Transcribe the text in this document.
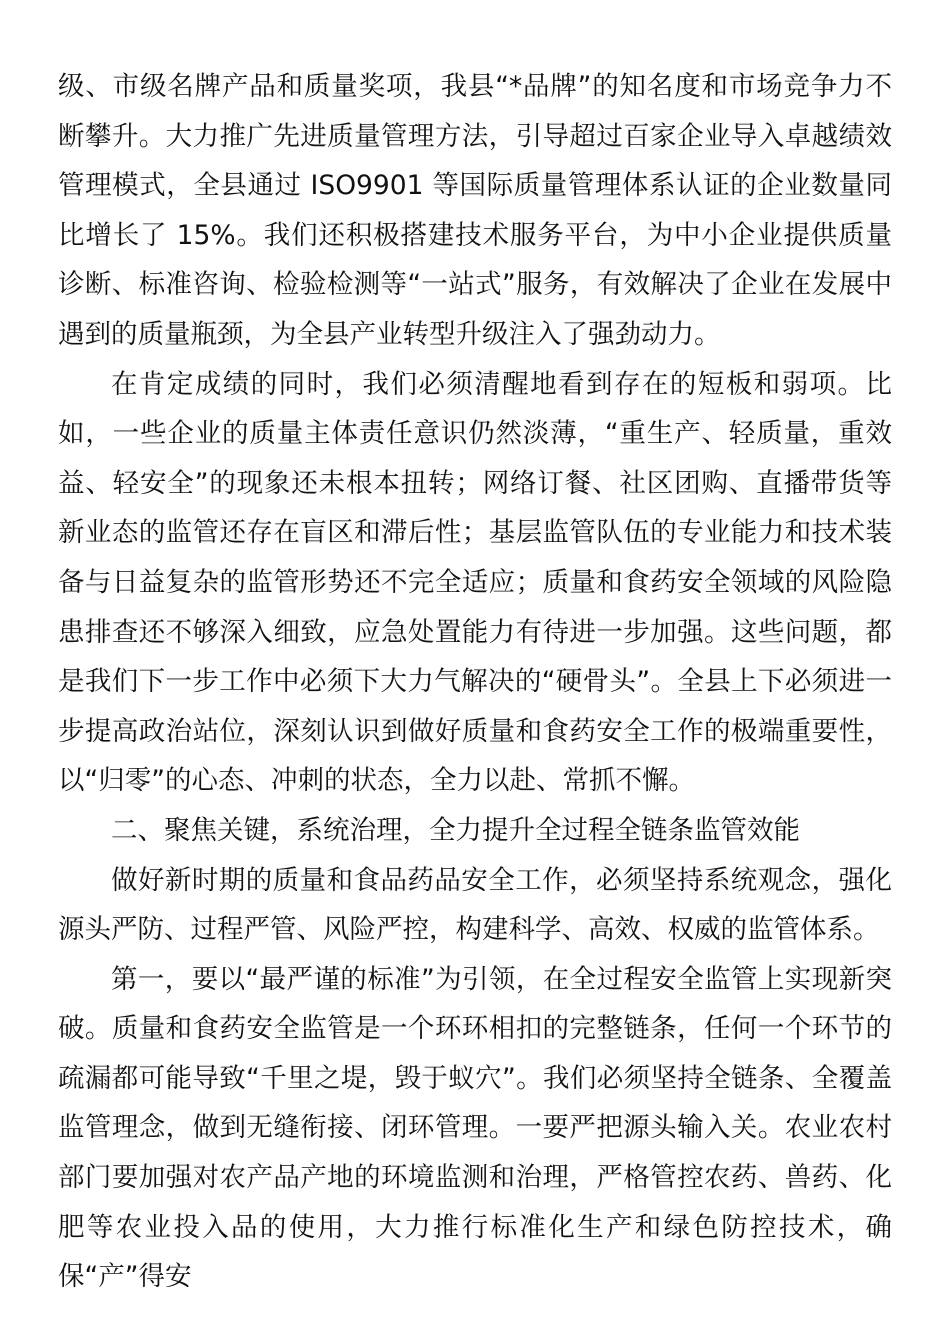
级、市级名牌产品和质量奖项，我县“*品牌”的知名度和市场竞争力不断攀升。大力推广先进质量管理方法，引导超过百家企业导入卓越绩效管理模式，全县通过 ISO9901 等国际质量管理体系认证的企业数量同比增长了 15%。我们还积极搭建技术服务平台，为中小企业提供质量诊断、标准咨询、检验检测等“一站式”服务，有效解决了企业在发展中遇到的质量瓶颈，为全县产业转型升级注入了强劲动力。

在肯定成绩的同时，我们必须清醒地看到存在的短板和弱项。比如，一些企业的质量主体责任意识仍然淡薄，“重生产、轻质量，重效益、轻安全”的现象还未根本扭转；网络订餐、社区团购、直播带货等新业态的监管还存在盲区和滞后性；基层监管队伍的专业能力和技术装备与日益复杂的监管形势还不完全适应；质量和食药安全领域的风险隐患排查还不够深入细致，应急处置能力有待进一步加强。这些问题，都是我们下一步工作中必须下大力气解决的“硬骨头”。全县上下必须进一步提高政治站位，深刻认识到做好质量和食药安全工作的极端重要性，以“归零”的心态、冲刺的状态，全力以赴、常抓不懈。

二、聚焦关键，系统治理，全力提升全过程全链条监管效能

做好新时期的质量和食品药品安全工作，必须坚持系统观念，强化源头严防、过程严管、风险严控，构建科学、高效、权威的监管体系。

第一，要以“最严谨的标准”为引领，在全过程安全监管上实现新突破。质量和食药安全监管是一个环环相扣的完整链条，任何一个环节的疏漏都可能导致“千里之堤，毁于蚁穴”。我们必须坚持全链条、全覆盖监管理念，做到无缝衔接、闭环管理。一要严把源头输入关。农业农村部门要加强对农产品产地的环境监测和治理，严格管控农药、兽药、化肥等农业投入品的使用，大力推行标准化生产和绿色防控技术，确保“产”得安
